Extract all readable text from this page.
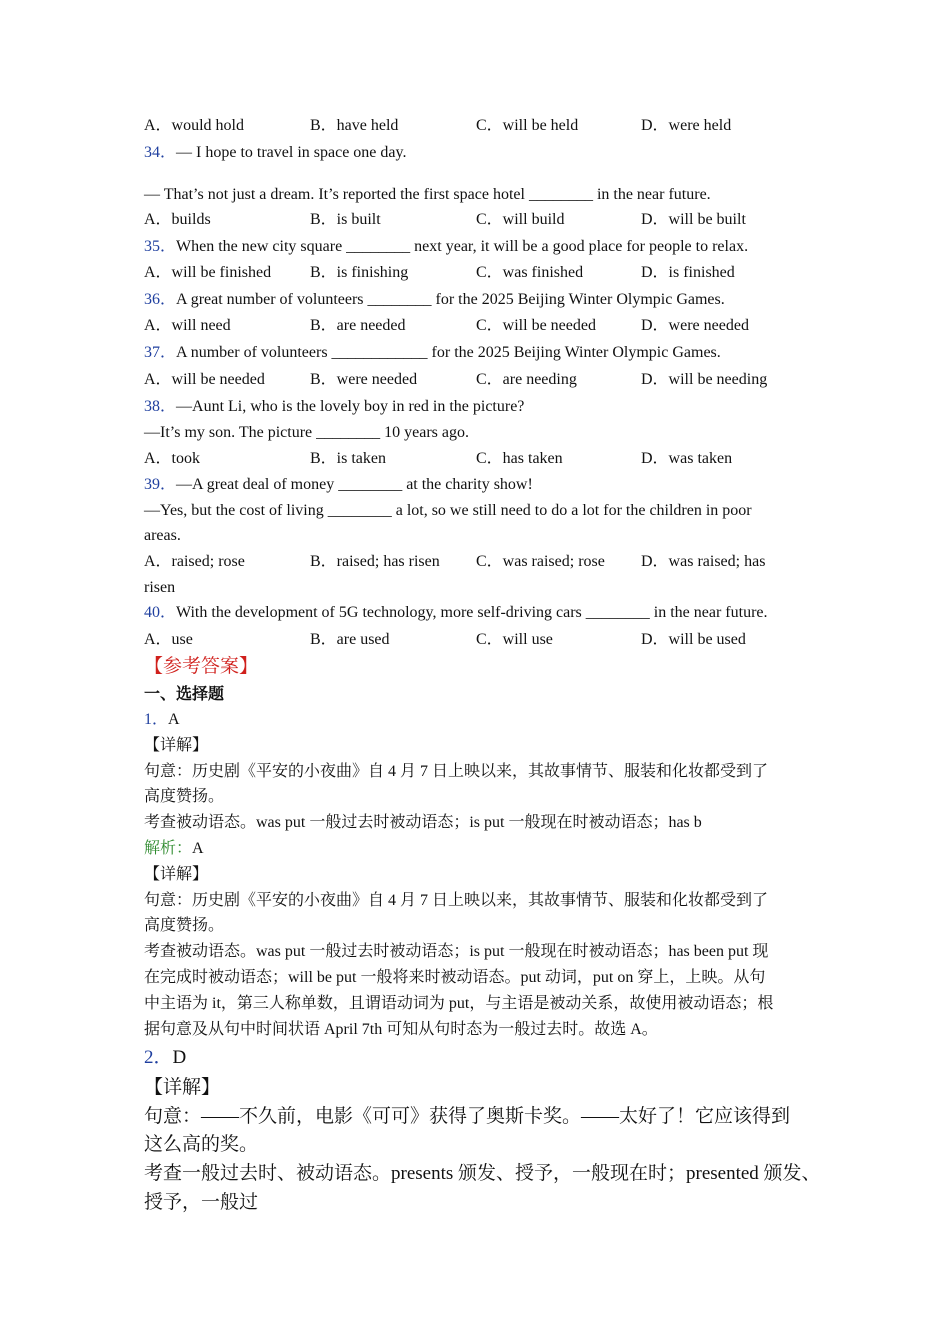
A．would hold	B．have held	C．will be held	D．were held
34．— I hope to travel in space one day.
— That’s not just a dream. It’s reported the first space hotel ________ in the near future.
A．builds	B．is built	C．will build	D．will be built
35．When the new city square ________ next year, it will be a good place for people to relax.
A．will be finished B．is finishing	C．was finished	D．is finished
36．A great number of volunteers ________ for the 2025 Beijing Winter Olympic Games.
A．will need	B．are needed	C．will be needed	D．were needed
37．A number of volunteers ____________ for the 2025 Beijing Winter Olympic Games.
A．will be needed	B．were needed	C．are needing	D．will be needing
38．—Aunt Li, who is the lovely boy in red in the picture?
—It’s my son. The picture ________ 10 years ago.
A．took	B．is taken	C．has taken	D．was taken
39．—A great deal of money ________ at the charity show!
—Yes, but the cost of living ________ a lot, so we still need to do a lot for the children in poor
areas.
A．raised; rose	B．raised; has risen C．was raised; rose D．was raised; has
risen
40．With the development of 5G technology, more self-driving cars ________ in the near future.
A．use	B．are used	C．will use	D．will be used
【参考答案】
一、选择题
1．A
【详解】
句意：历史剧《平安的小夜曲》自 4 月 7 日上映以来，其故事情节、服装和化妆都受到了
高度赞扬。
考查被动语态。was put 一般过去时被动语态；is put 一般现在时被动语态；has b
解析：A
【详解】
句意：历史剧《平安的小夜曲》自 4 月 7 日上映以来，其故事情节、服装和化妆都受到了
高度赞扬。
考查被动语态。was put 一般过去时被动语态；is put 一般现在时被动语态；has been put 现
在完成时被动语态；will be put 一般将来时被动语态。put 动词，put on 穿上，上映。从句
中主语为 it，第三人称单数，且谓语动词为 put，与主语是被动关系，故使用被动语态；根
据句意及从句中时间状语 April 7th 可知从句时态为一般过去时。故选 A。
2．D
【详解】
句意：——不久前，电影《可可》获得了奥斯卡奖。——太好了！它应该得到
这么高的奖。
考查一般过去时、被动语态。presents 颁发、授予，一般现在时；presented 颁发、
授予，一般过
